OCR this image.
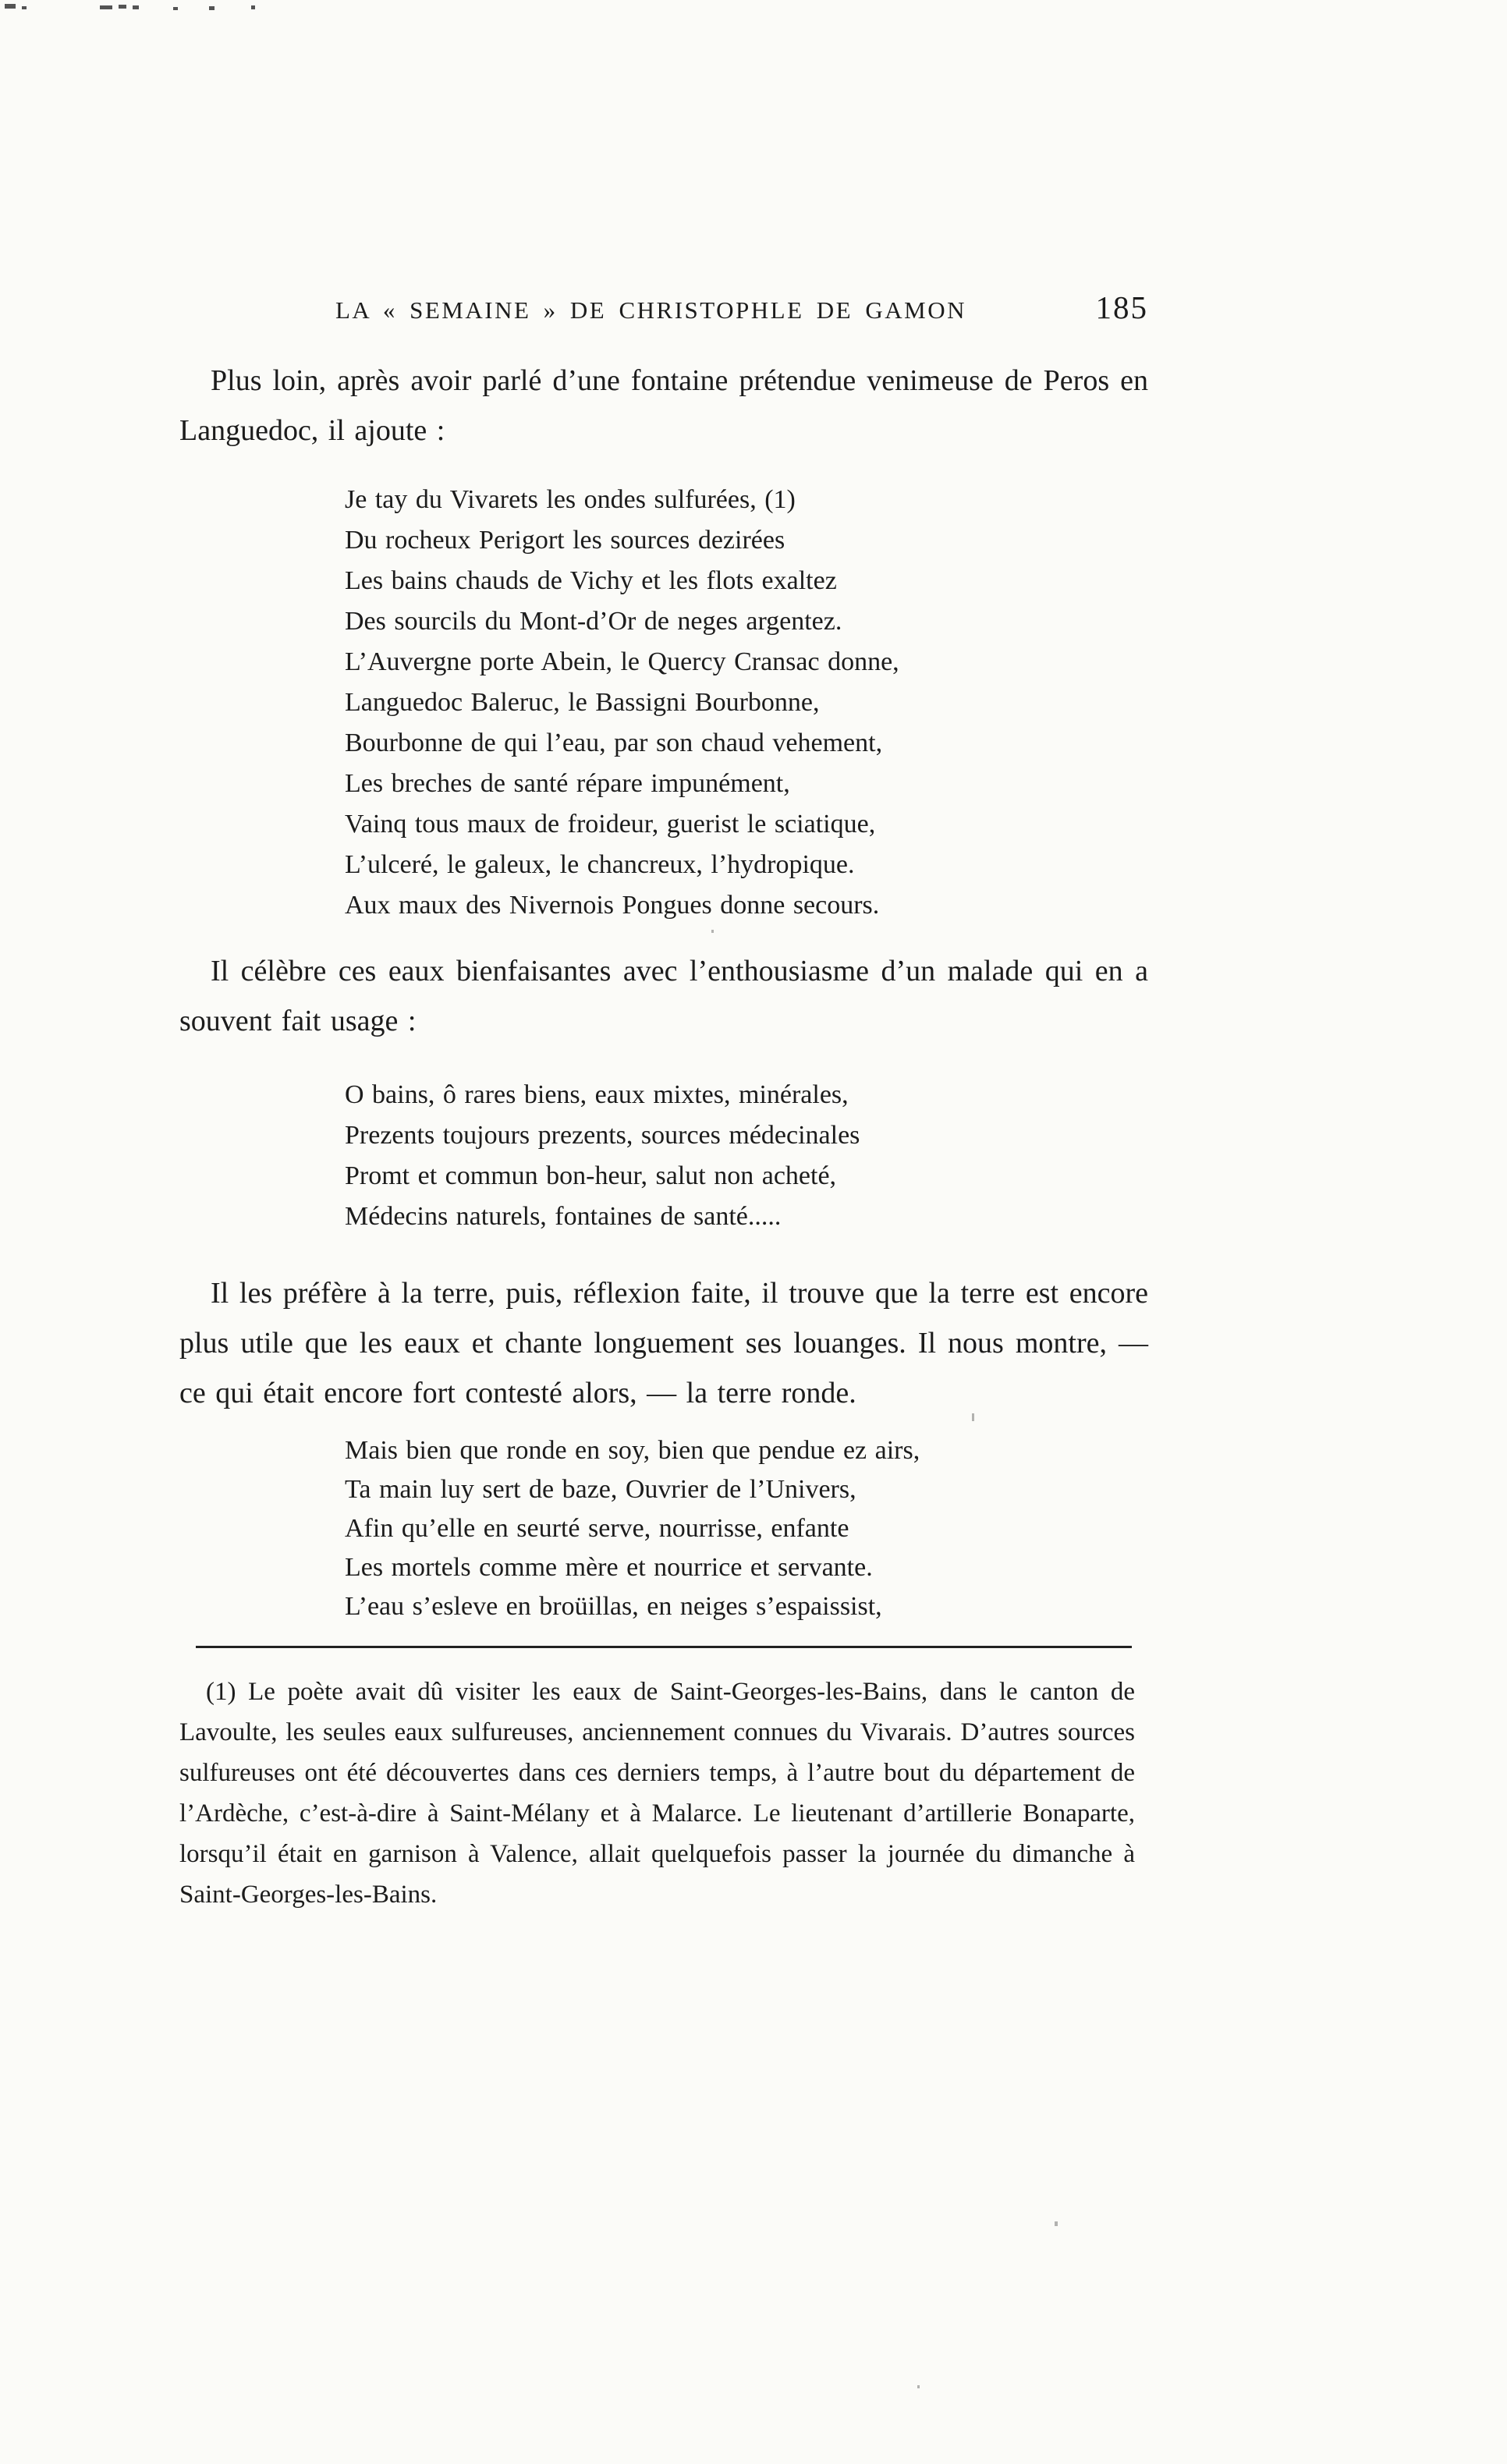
LA « SEMAINE » DE CHRISTOPHLE DE GAMON	185

Plus loin, après avoir parlé d’une fontaine prétendue venimeuse de Peros en Languedoc, il ajoute :

Je tay du Vivarets les ondes sulfurées, (1)
Du rocheux Perigort les sources dezirées
Les bains chauds de Vichy et les flots exaltez
Des sourcils du Mont-d’Or de neges argentez.
L’Auvergne porte Abein, le Quercy Cransac donne,
Languedoc Baleruc, le Bassigni Bourbonne,
Bourbonne de qui l’eau, par son chaud vehement,
Les breches de santé répare impunément,
Vainq tous maux de froideur, guerist le sciatique,
L’ulceré, le galeux, le chancreux, l’hydropique.
Aux maux des Nivernois Pongues donne secours.

Il célèbre ces eaux bienfaisantes avec l’enthousiasme d’un malade qui en a souvent fait usage :

O bains, ô rares biens, eaux mixtes, minérales,
Prezents toujours prezents, sources médecinales
Promt et commun bon-heur, salut non acheté,
Médecins naturels, fontaines de santé.....

Il les préfère à la terre, puis, réflexion faite, il trouve que la terre est encore plus utile que les eaux et chante longuement ses louanges. Il nous montre, — ce qui était encore fort contesté alors, — la terre ronde.

Mais bien que ronde en soy, bien que pendue ez airs,
Ta main luy sert de baze, Ouvrier de l’Univers,
Afin qu’elle en seurté serve, nourrisse, enfante
Les mortels comme mère et nourrice et servante.
L’eau s’esleve en broüillas, en neiges s’espaissist,

(1) Le poète avait dû visiter les eaux de Saint-Georges-les-Bains, dans le canton de Lavoulte, les seules eaux sulfureuses, anciennement connues du Vivarais. D’autres sources sulfureuses ont été découvertes dans ces derniers temps, à l’autre bout du département de l’Ardèche, c’est-à-dire à Saint-Mélany et à Malarce. Le lieutenant d’artillerie Bonaparte, lorsqu’il était en garnison à Valence, allait quelquefois passer la journée du dimanche à Saint-Georges-les-Bains.
